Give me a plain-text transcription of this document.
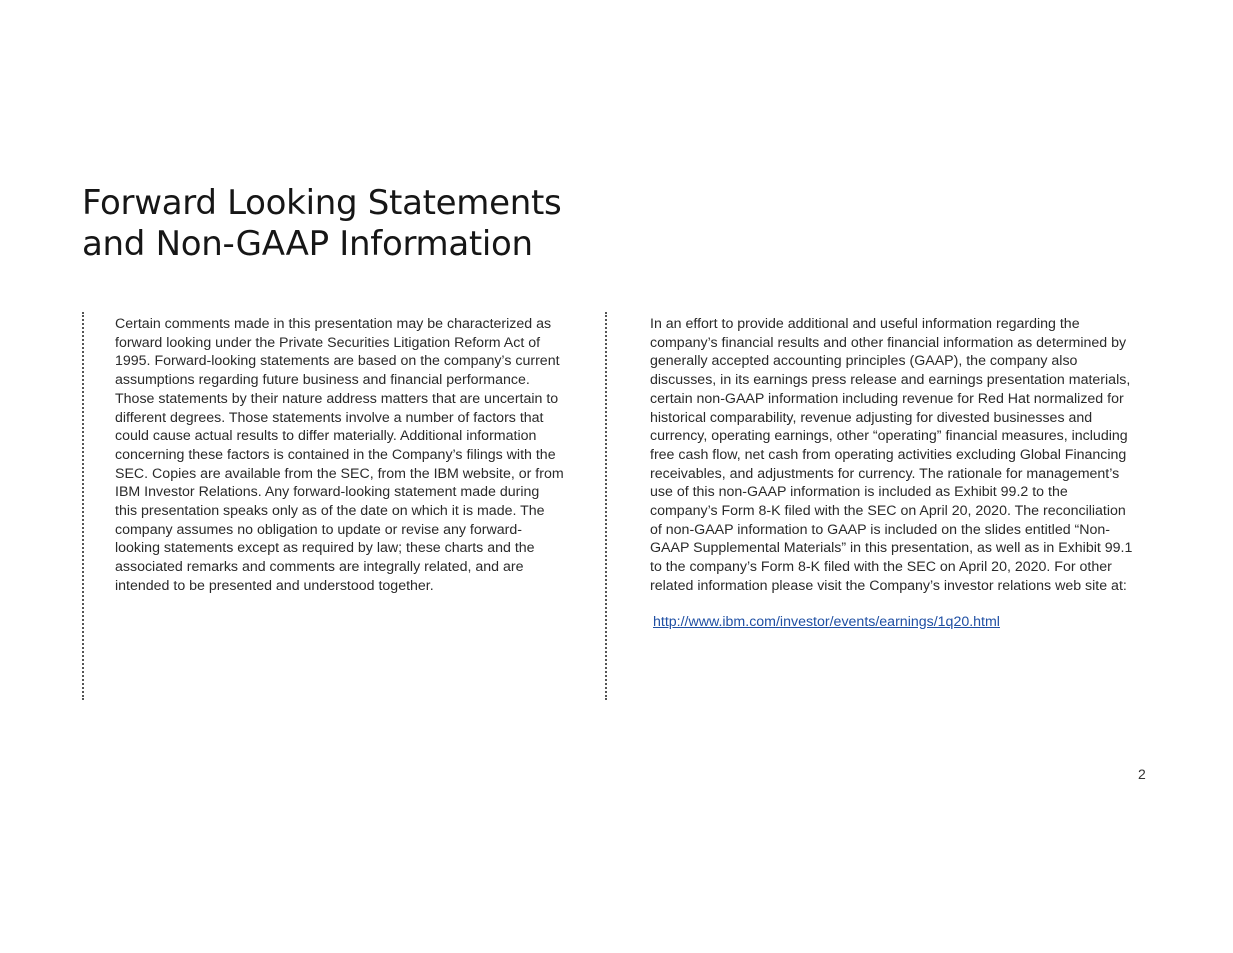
Forward Looking Statements
and Non-GAAP Information

Certain comments made in this presentation may be characterized as forward looking under the Private Securities Litigation Reform Act of 1995. Forward-looking statements are based on the company’s current assumptions regarding future business and financial performance. Those statements by their nature address matters that are uncertain to different degrees. Those statements involve a number of factors that could cause actual results to differ materially. Additional information concerning these factors is contained in the Company’s filings with the SEC. Copies are available from the SEC, from the IBM website, or from IBM Investor Relations. Any forward-looking statement made during this presentation speaks only as of the date on which it is made. The company assumes no obligation to update or revise any forward-looking statements except as required by law; these charts and the associated remarks and comments are integrally related, and are intended to be presented and understood together.

In an effort to provide additional and useful information regarding the company’s financial results and other financial information as determined by generally accepted accounting principles (GAAP), the company also discusses, in its earnings press release and earnings presentation materials, certain non-GAAP information including revenue for Red Hat normalized for historical comparability, revenue adjusting for divested businesses and currency, operating earnings, other “operating” financial measures, including free cash flow, net cash from operating activities excluding Global Financing receivables, and adjustments for currency. The rationale for management’s use of this non-GAAP information is included as Exhibit 99.2 to the company’s Form 8-K filed with the SEC on April 20, 2020. The reconciliation of non-GAAP information to GAAP is included on the slides entitled “Non-GAAP Supplemental Materials” in this presentation, as well as in Exhibit 99.1 to the company’s Form 8-K filed with the SEC on April 20, 2020. For other related information please visit the Company’s investor relations web site at:

http://www.ibm.com/investor/events/earnings/1q20.html
2
